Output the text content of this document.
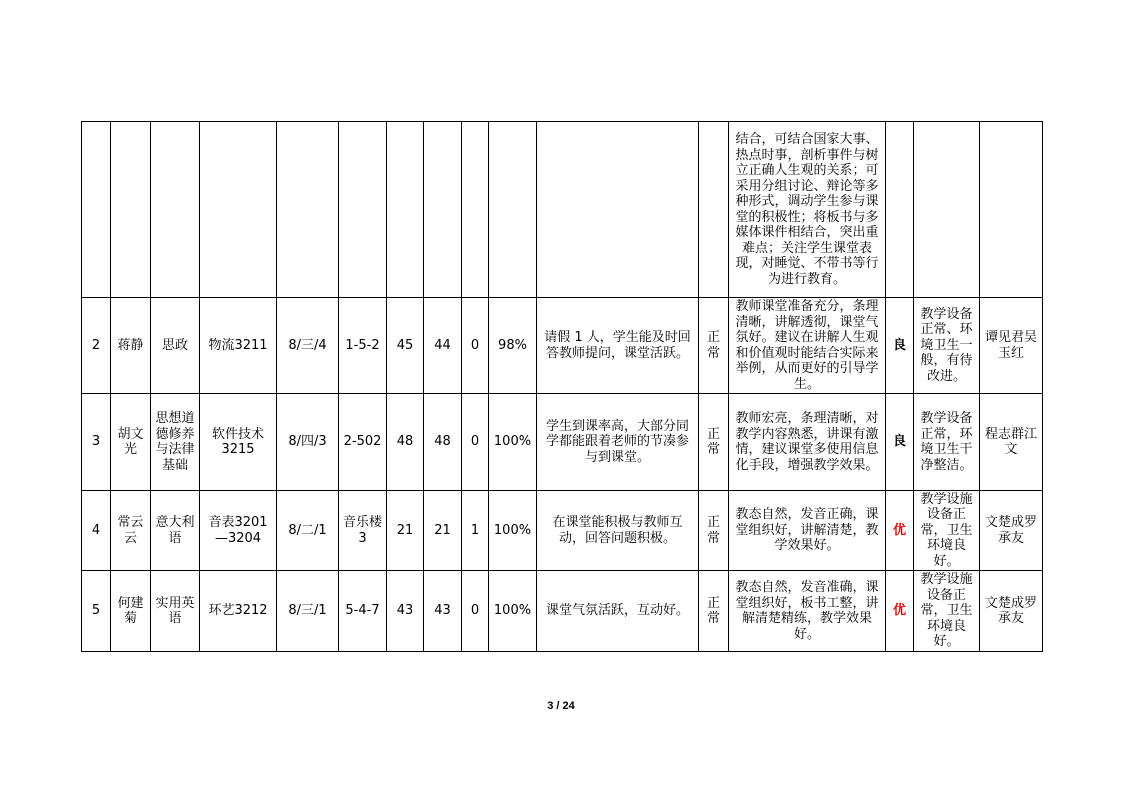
												结合，可结合国家大事、热点时事，剖析事件与树立正确人生观的关系；可采用分组讨论、辩论等多种形式，调动学生参与课堂的积极性；将板书与多媒体课件相结合，突出重难点；关注学生课堂表现，对睡觉、不带书等行为进行教育。			
2	蒋静	思政	物流3211	8/三/4	1-5-2	45	44	0	98%	请假 1 人，学生能及时回答教师提问，课堂活跃。	正常	教师课堂准备充分，条理清晰，讲解透彻，课堂气氛好。建议在讲解人生观和价值观时能结合实际来举例，从而更好的引导学生。	良	教学设备正常、环境卫生一般，有待改进。	谭见君吴玉红
3	胡文光	思想道德修养与法律基础	软件技术3215	8/四/3	2-502	48	48	0	100%	学生到课率高，大部分同学都能跟着老师的节凑参与到课堂。	正常	教师宏亮，条理清晰，对教学内容熟悉，讲课有激情，建议课堂多使用信息化手段，增强教学效果。	良	教学设备正常，环境卫生干净整洁。	程志群江文
4	常云云	意大利语	音表3201—3204	8/二/1	音乐楼3	21	21	1	100%	在课堂能积极与教师互动，回答问题积极。	正常	教态自然，发音正确，课堂组织好，讲解清楚，教学效果好。	优	教学设施设备正常，卫生环境良好。	文楚成罗承友
5	何建菊	实用英语	环艺3212	8/三/1	5-4-7	43	43	0	100%	课堂气氛活跃，互动好。	正常	教态自然，发音准确，课堂组织好，板书工整，讲解清楚精练，教学效果好。	优	教学设施设备正常，卫生环境良好。	文楚成罗承友
3 / 24
